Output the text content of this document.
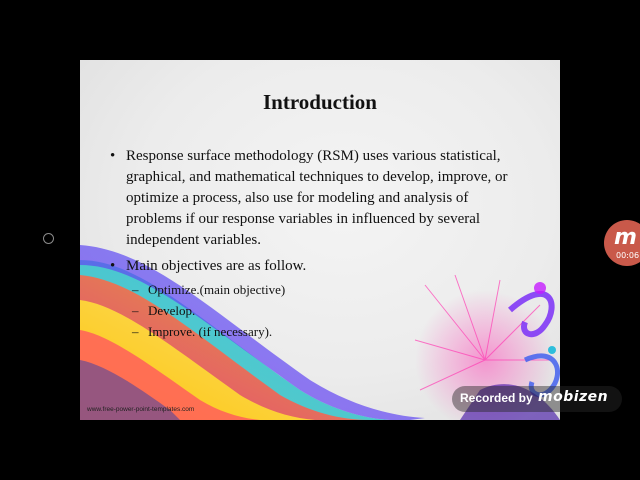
Introduction
• Response surface methodology (RSM) uses various statistical, graphical, and mathematical techniques to develop, improve, or optimize a process, also use for modeling and analysis of problems if our response variables in influenced by several independent variables.
• Main objectives are as follow.
– Optimize.(main objective)
– Develop.
– Improve. (if necessary).
www.free-power-point-templates.com
m
00:06
Recorded by mobizen
